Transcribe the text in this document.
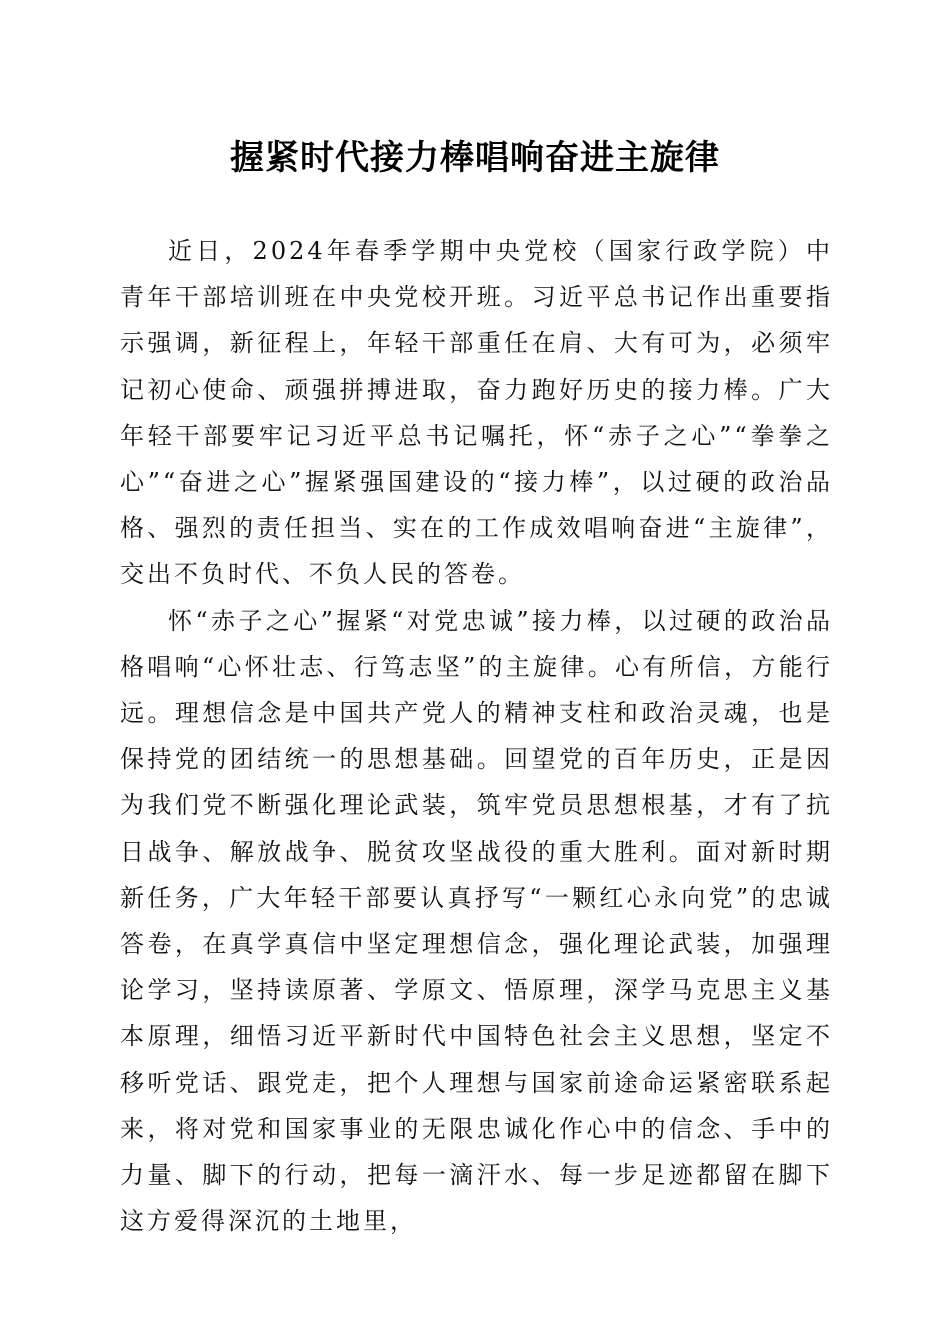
握紧时代接力棒唱响奋进主旋律

近日，2024年春季学期中央党校（国家行政学院）中青年干部培训班在中央党校开班。习近平总书记作出重要指示强调，新征程上，年轻干部重任在肩、大有可为，必须牢记初心使命、顽强拼搏进取，奋力跑好历史的接力棒。广大年轻干部要牢记习近平总书记嘱托，怀“赤子之心”“拳拳之心”“奋进之心”握紧强国建设的“接力棒”，以过硬的政治品格、强烈的责任担当、实在的工作成效唱响奋进“主旋律”，交出不负时代、不负人民的答卷。

怀“赤子之心”握紧“对党忠诚”接力棒，以过硬的政治品格唱响“心怀壮志、行笃志坚”的主旋律。心有所信，方能行远。理想信念是中国共产党人的精神支柱和政治灵魂，也是保持党的团结统一的思想基础。回望党的百年历史，正是因为我们党不断强化理论武装，筑牢党员思想根基，才有了抗日战争、解放战争、脱贫攻坚战役的重大胜利。面对新时期新任务，广大年轻干部要认真抒写“一颗红心永向党”的忠诚答卷，在真学真信中坚定理想信念，强化理论武装，加强理论学习，坚持读原著、学原文、悟原理，深学马克思主义基本原理，细悟习近平新时代中国特色社会主义思想，坚定不移听党话、跟党走，把个人理想与国家前途命运紧密联系起来，将对党和国家事业的无限忠诚化作心中的信念、手中的力量、脚下的行动，把每一滴汗水、每一步足迹都留在脚下这方爱得深沉的土地里，
